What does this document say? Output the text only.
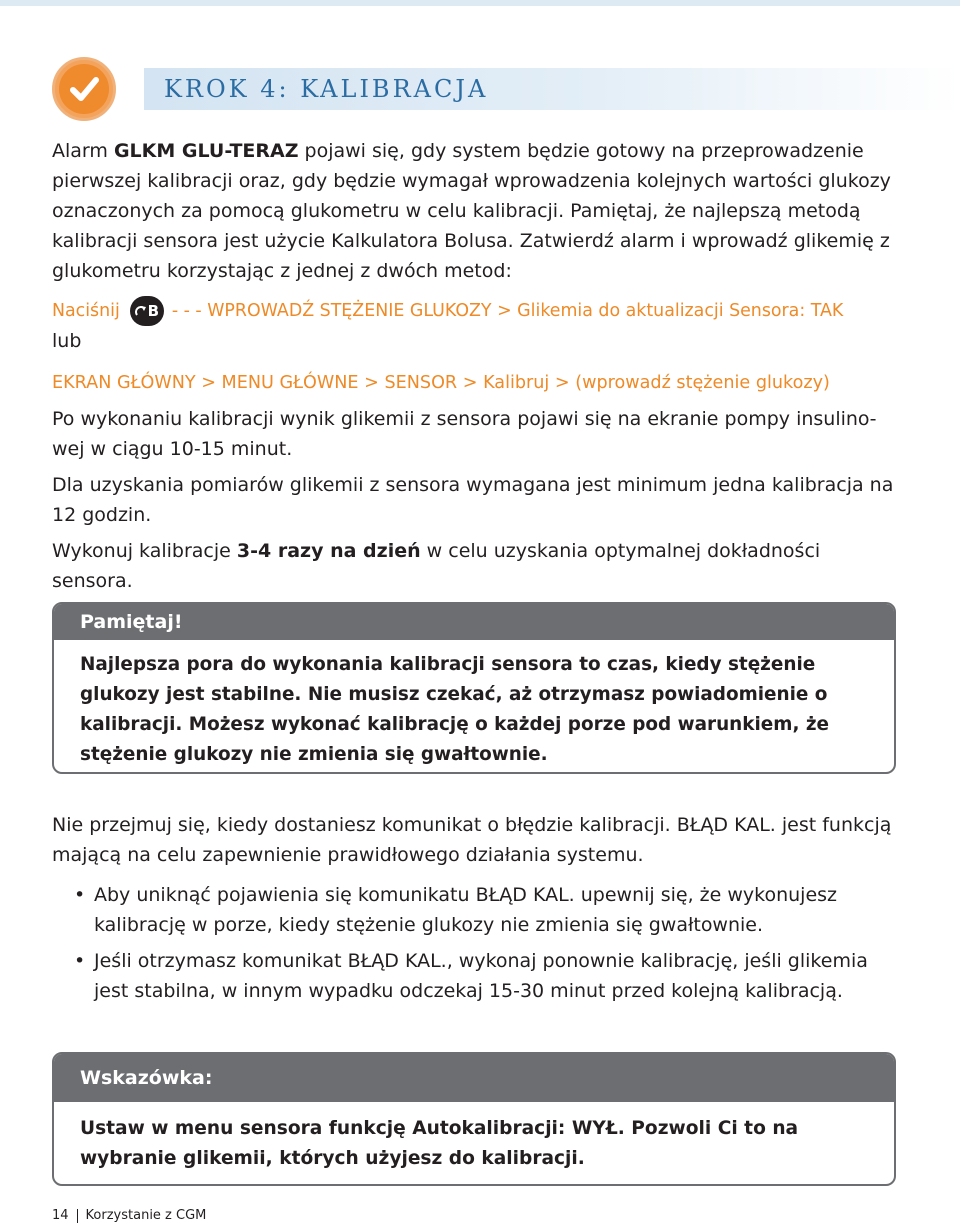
KROK 4: KALIBRACJA

Alarm GLKM GLU-TERAZ pojawi się, gdy system będzie gotowy na przeprowadzenie pierwszej kalibracji oraz, gdy będzie wymagał wprowadzenia kolejnych wartości glukozy oznaczonych za pomocą glukometru w celu kalibracji. Pamiętaj, że najlepszą metodą kalibracji sensora jest użycie Kalkulatora Bolusa. Zatwierdź alarm i wprowadź glikemię z glukometru korzystając z jednej z dwóch metod:

Naciśnij B - - - WPROWADŹ STĘŻENIE GLUKOZY > Glikemia do aktualizacji Sensora: TAK

lub

EKRAN GŁÓWNY > MENU GŁÓWNE > SENSOR > Kalibruj > (wprowadź stężenie glukozy)

Po wykonaniu kalibracji wynik glikemii z sensora pojawi się na ekranie pompy insulinowej w ciągu 10-15 minut.

Dla uzyskania pomiarów glikemii z sensora wymagana jest minimum jedna kalibracja na 12 godzin.

Wykonuj kalibracje 3-4 razy na dzień w celu uzyskania optymalnej dokładności sensora.

Pamiętaj!
Najlepsza pora do wykonania kalibracji sensora to czas, kiedy stężenie glukozy jest stabilne. Nie musisz czekać, aż otrzymasz powiadomienie o kalibracji. Możesz wykonać kalibrację o każdej porze pod warunkiem, że stężenie glukozy nie zmienia się gwałtownie.

Nie przejmuj się, kiedy dostaniesz komunikat o błędzie kalibracji. BŁĄD KAL. jest funkcją mającą na celu zapewnienie prawidłowego działania systemu.

• Aby uniknąć pojawienia się komunikatu BŁĄD KAL. upewnij się, że wykonujesz kalibrację w porze, kiedy stężenie glukozy nie zmienia się gwałtownie.
• Jeśli otrzymasz komunikat BŁĄD KAL., wykonaj ponownie kalibrację, jeśli glikemia jest stabilna, w innym wypadku odczekaj 15-30 minut przed kolejną kalibracją.
Wskazówka:
Ustaw w menu sensora funkcję Autokalibracji: WYŁ. Pozwoli Ci to na wybranie glikemii, których użyjesz do kalibracji.
14 Korzystanie z CGM
